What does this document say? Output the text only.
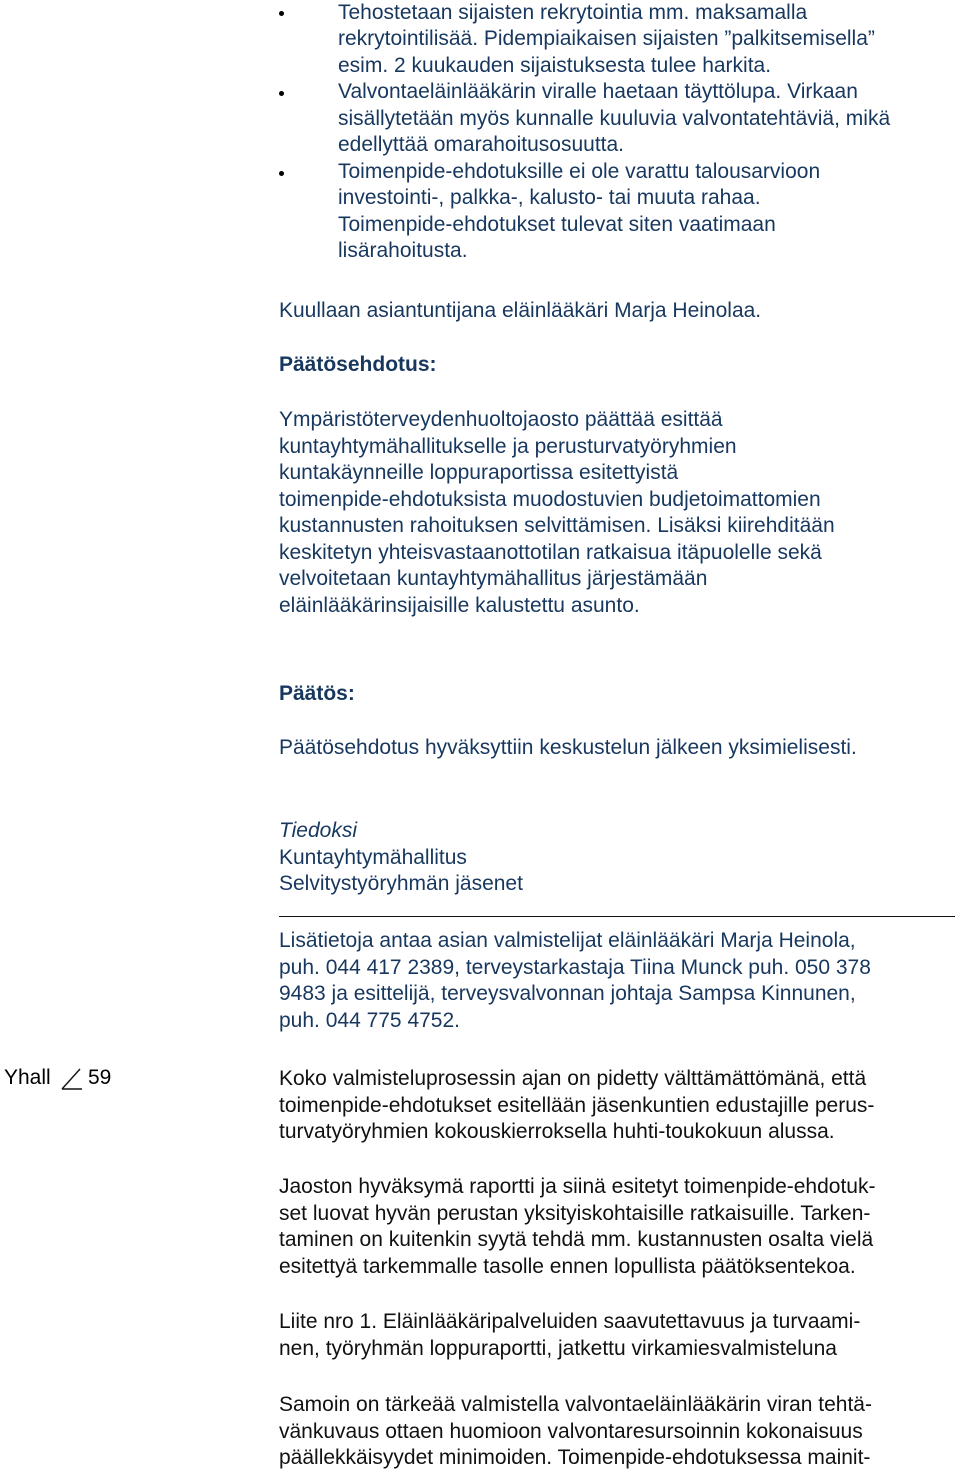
Tehostetaan sijaisten rekrytointia mm. maksamalla
rekrytointilisää. Pidempiaikaisen sijaisten ”palkitsemisella”
esim. 2 kuukauden sijaistuksesta tulee harkita.
Valvontaeläinlääkärin viralle haetaan täyttölupa. Virkaan
sisällytetään myös kunnalle kuuluvia valvontatehtäviä, mikä
edellyttää omarahoitusosuutta.
Toimenpide-ehdotuksille ei ole varattu talousarvioon
investointi-, palkka-, kalusto- tai muuta rahaa.
Toimenpide-ehdotukset tulevat siten vaatimaan
lisärahoitusta.
Kuullaan asiantuntijana eläinlääkäri Marja Heinolaa.
Päätösehdotus:
Ympäristöterveydenhuoltojaosto päättää esittää
kuntayhtymähallitukselle ja perusturvatyöryhmien
kuntakäynneille loppuraportissa esitettyistä
toimenpide-ehdotuksista muodostuvien budjetoimattomien
kustannusten rahoituksen selvittämisen. Lisäksi kiirehditään
keskitetyn yhteisvastaanottotilan ratkaisua itäpuolelle sekä
velvoitetaan kuntayhtymähallitus järjestämään
eläinlääkärinsijaisille kalustettu asunto.
Päätös:
Päätösehdotus hyväksyttiin keskustelun jälkeen yksimielisesti.
Tiedoksi
Kuntayhtymähallitus
Selvitystyöryhmän jäsenet
Lisätietoja antaa asian valmistelijat eläinlääkäri Marja Heinola,
puh. 044 417 2389, terveystarkastaja Tiina Munck puh. 050 378
9483 ja esittelijä, terveysvalvonnan johtaja Sampsa Kinnunen,
puh. 044 775 4752.
Yhall 59	Koko valmisteluprosessin ajan on pidetty välttämättömänä, että
toimenpide-ehdotukset esitellään jäsenkuntien edustajille perus-
turvatyöryhmien kokouskierroksella huhti-toukokuun alussa.
Jaoston hyväksymä raportti ja siinä esitetyt toimenpide-ehdotuk-
set luovat hyvän perustan yksityiskohtaisille ratkaisuille. Tarken-
taminen on kuitenkin syytä tehdä mm. kustannusten osalta vielä
esitettyä tarkemmalle tasolle ennen lopullista päätöksentekoa.
Liite nro 1. Eläinlääkäripalveluiden saavutettavuus ja turvaami-
nen, työryhmän loppuraportti, jatkettu virkamiesvalmisteluna
Samoin on tärkeää valmistella valvontaeläinlääkärin viran tehtä-
vänkuvaus ottaen huomioon valvontaresursoinnin kokonaisuus
päällekkäisyydet minimoiden. Toimenpide-ehdotuksessa mainit-
